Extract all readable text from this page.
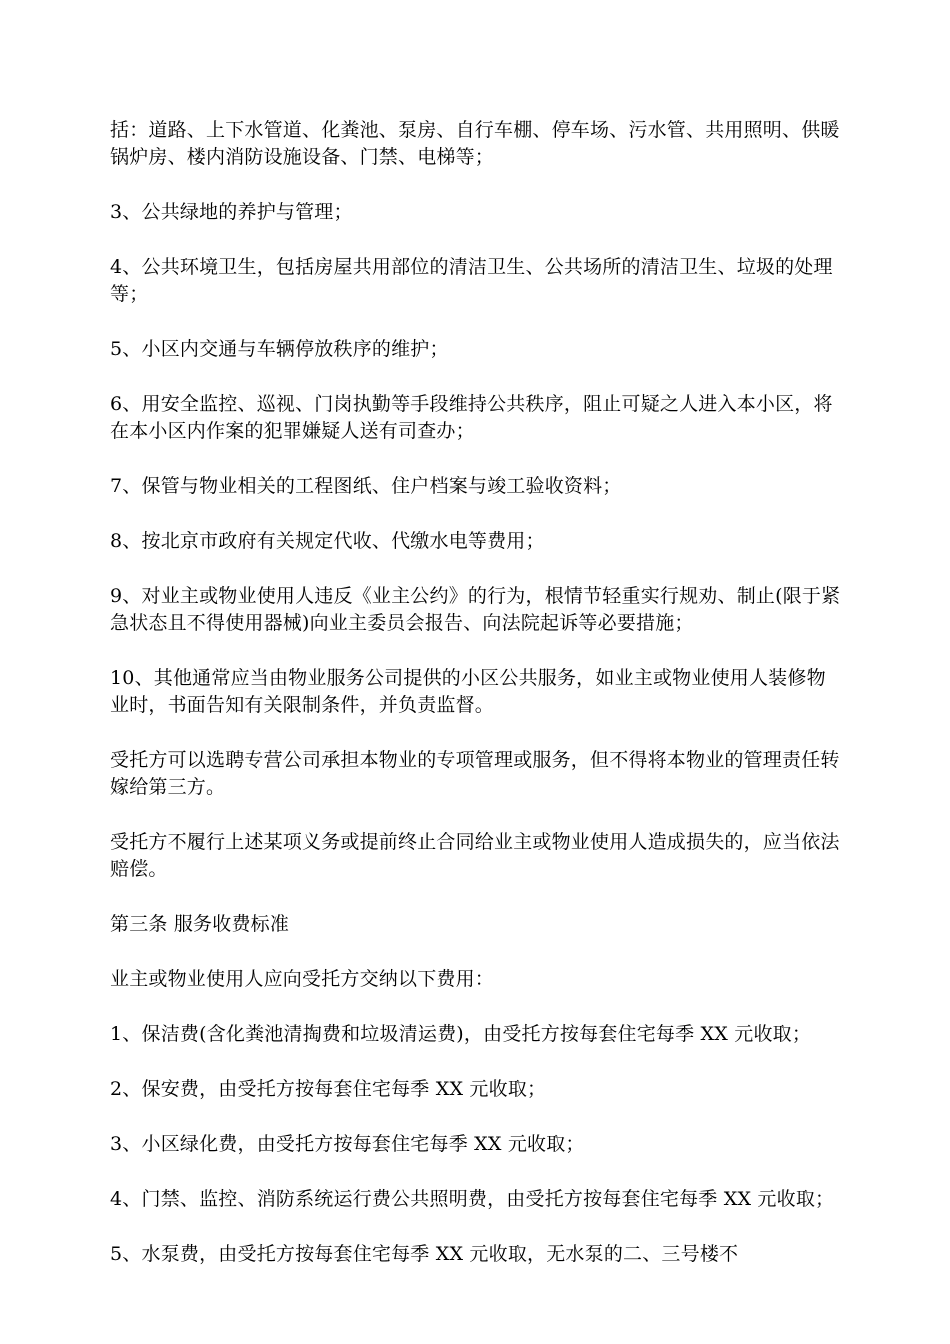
括：道路、上下水管道、化粪池、泵房、自行车棚、停车场、污水管、共用照明、供暖锅炉房、楼内消防设施设备、门禁、电梯等；

3、公共绿地的养护与管理；

4、公共环境卫生，包括房屋共用部位的清洁卫生、公共场所的清洁卫生、垃圾的处理等；

5、小区内交通与车辆停放秩序的维护；

6、用安全监控、巡视、门岗执勤等手段维持公共秩序，阻止可疑之人进入本小区，将在本小区内作案的犯罪嫌疑人送有司查办；

7、保管与物业相关的工程图纸、住户档案与竣工验收资料；

8、按北京市政府有关规定代收、代缴水电等费用；

9、对业主或物业使用人违反《业主公约》的行为，根情节轻重实行规劝、制止(限于紧急状态且不得使用器械)向业主委员会报告、向法院起诉等必要措施；

10、其他通常应当由物业服务公司提供的小区公共服务，如业主或物业使用人装修物业时，书面告知有关限制条件，并负责监督。

受托方可以选聘专营公司承担本物业的专项管理或服务，但不得将本物业的管理责任转嫁给第三方。

受托方不履行上述某项义务或提前终止合同给业主或物业使用人造成损失的，应当依法赔偿。

第三条 服务收费标准

业主或物业使用人应向受托方交纳以下费用：

1、保洁费(含化粪池清掏费和垃圾清运费)，由受托方按每套住宅每季 XX 元收取；

2、保安费，由受托方按每套住宅每季 XX 元收取；

3、小区绿化费，由受托方按每套住宅每季 XX 元收取；

4、门禁、监控、消防系统运行费公共照明费，由受托方按每套住宅每季 XX 元收取；

5、水泵费，由受托方按每套住宅每季 XX 元收取，无水泵的二、三号楼不
